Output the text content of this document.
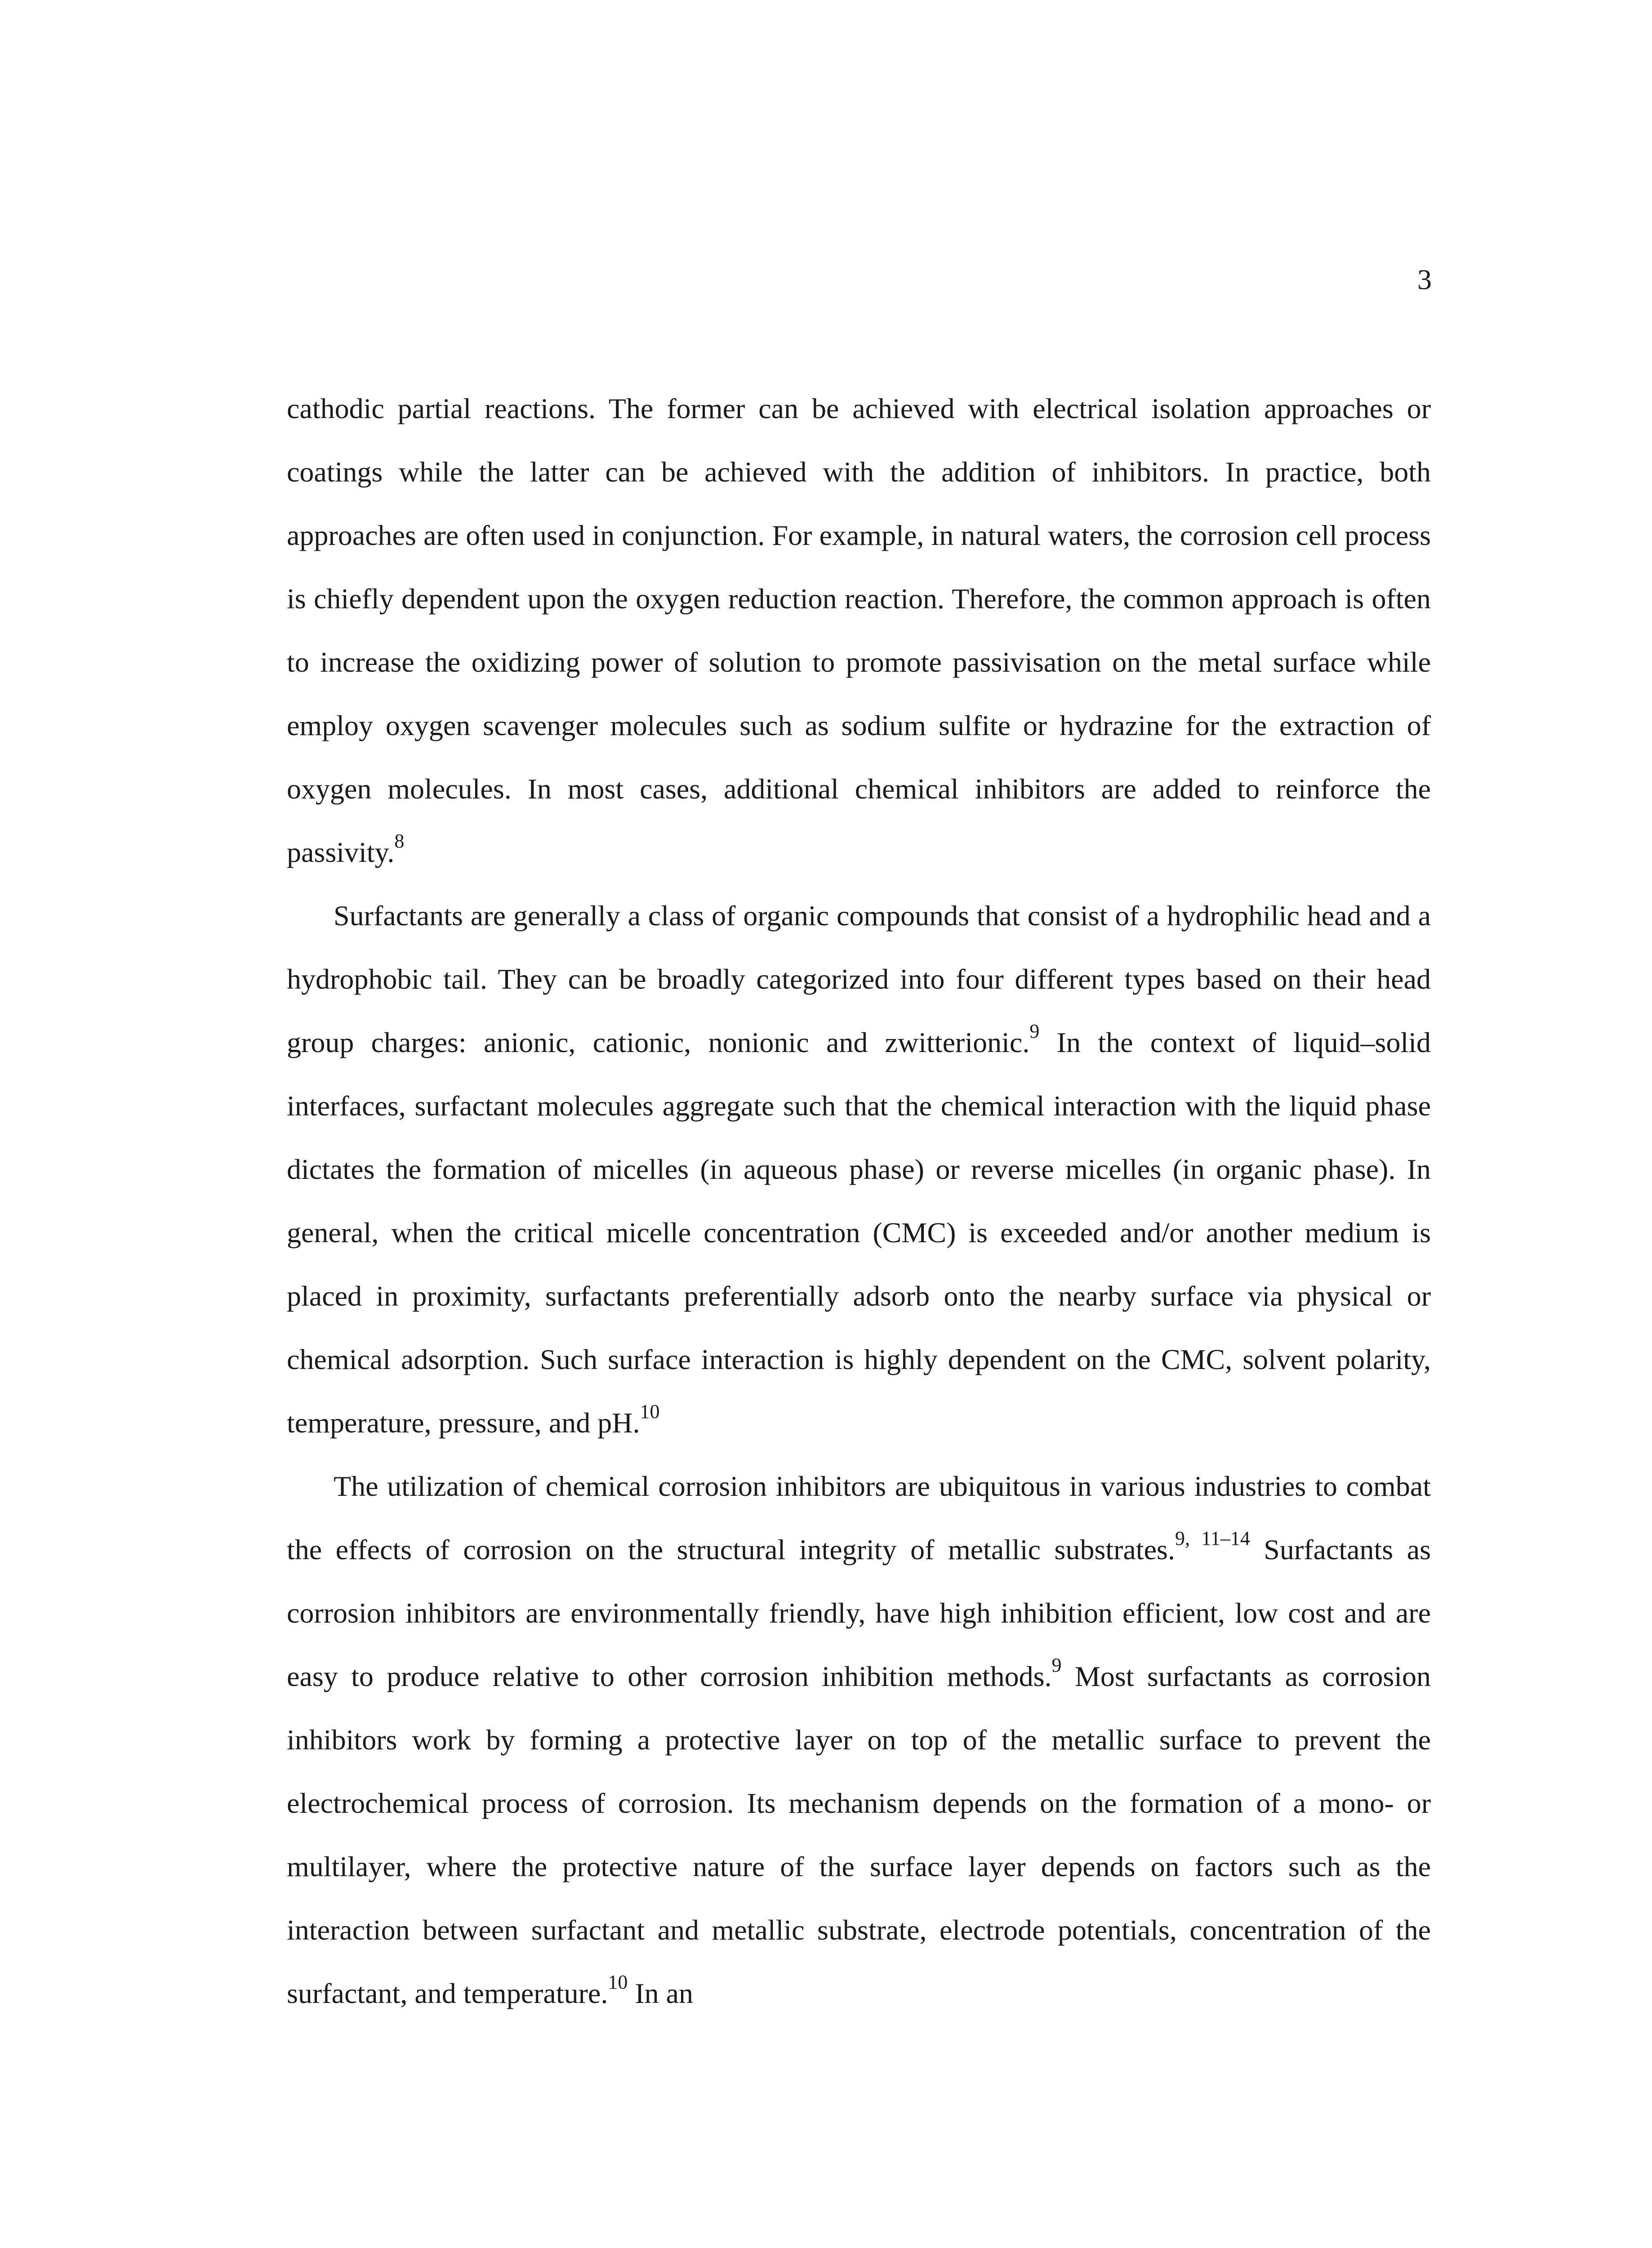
3

cathodic partial reactions. The former can be achieved with electrical isolation approaches or coatings while the latter can be achieved with the addition of inhibitors. In practice, both approaches are often used in conjunction. For example, in natural waters, the corrosion cell process is chiefly dependent upon the oxygen reduction reaction. Therefore, the common approach is often to increase the oxidizing power of solution to promote passivisation on the metal surface while employ oxygen scavenger molecules such as sodium sulfite or hydrazine for the extraction of oxygen molecules. In most cases, additional chemical inhibitors are added to reinforce the passivity.$^8$

Surfactants are generally a class of organic compounds that consist of a hydrophilic head and a hydrophobic tail. They can be broadly categorized into four different types based on their head group charges: anionic, cationic, nonionic and zwitterionic.$^9$ In the context of liquid–solid interfaces, surfactant molecules aggregate such that the chemical interaction with the liquid phase dictates the formation of micelles (in aqueous phase) or reverse micelles (in organic phase). In general, when the critical micelle concentration (CMC) is exceeded and/or another medium is placed in proximity, surfactants preferentially adsorb onto the nearby surface via physical or chemical adsorption. Such surface interaction is highly dependent on the CMC, solvent polarity, temperature, pressure, and pH.$^{10}$

The utilization of chemical corrosion inhibitors are ubiquitous in various industries to combat the effects of corrosion on the structural integrity of metallic substrates.$^{9, 11-14}$ Surfactants as corrosion inhibitors are environmentally friendly, have high inhibition efficient, low cost and are easy to produce relative to other corrosion inhibition methods.$^9$ Most surfactants as corrosion inhibitors work by forming a protective layer on top of the metallic surface to prevent the electrochemical process of corrosion. Its mechanism depends on the formation of a mono- or multilayer, where the protective nature of the surface layer depends on factors such as the interaction between surfactant and metallic substrate, electrode potentials, concentration of the surfactant, and temperature.$^{10}$ In an
